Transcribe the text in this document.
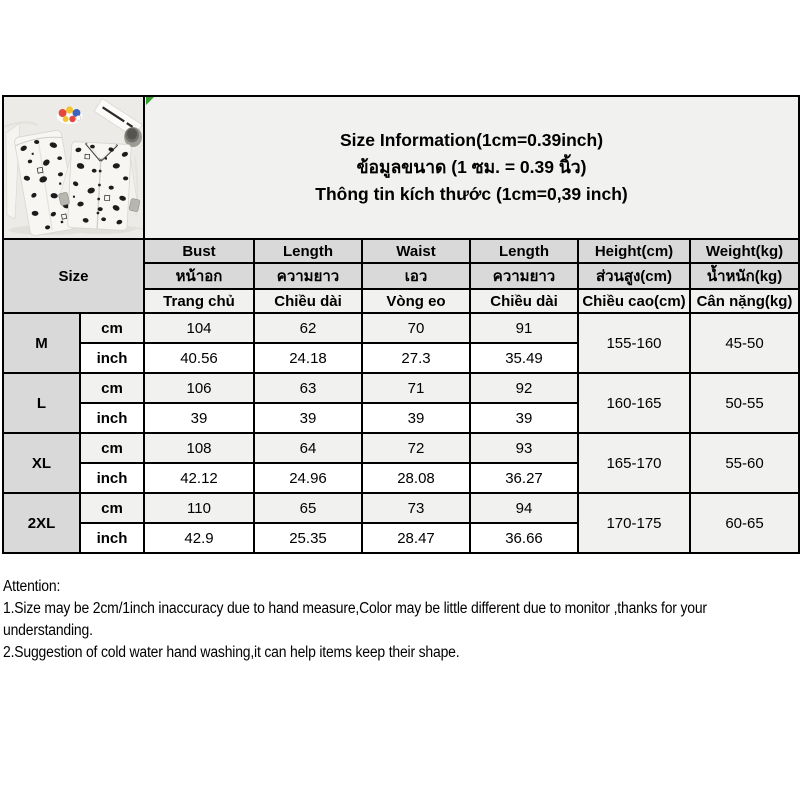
Size Information(1cm=0.39inch)
ข้อมูลขนาด (1 ซม. = 0.39 นิ้ว)
Thông tin kích thước (1cm=0,39 inch)					

Size		Bust	Length	Waist	Length	Height(cm)	Weight(kg)
		หน้าอก	ความยาว	เอว	ความยาว	ส่วนสูง(cm)	น้ำหนัก(kg)
		Trang chủ	Chiều dài	Vòng eo	Chiều dài	Chiều cao(cm)	Cân nặng(kg)
M	cm	104	62	70	91	155-160	45-50
	inch	40.56	24.18	27.3	35.49		
L	cm	106	63	71	92	160-165	50-55
	inch	39	39	39	39		
XL	cm	108	64	72	93	165-170	55-60
	inch	42.12	24.96	28.08	36.27		
2XL	cm	110	65	73	94	170-175	60-65
	inch	42.9	25.35	28.47	36.66		
Attention:
1.Size may be 2cm/1inch inaccuracy due to hand measure,Color may be little different due to monitor ,thanks for your
understanding.
2.Suggestion of cold water hand washing,it can help items keep their shape.
